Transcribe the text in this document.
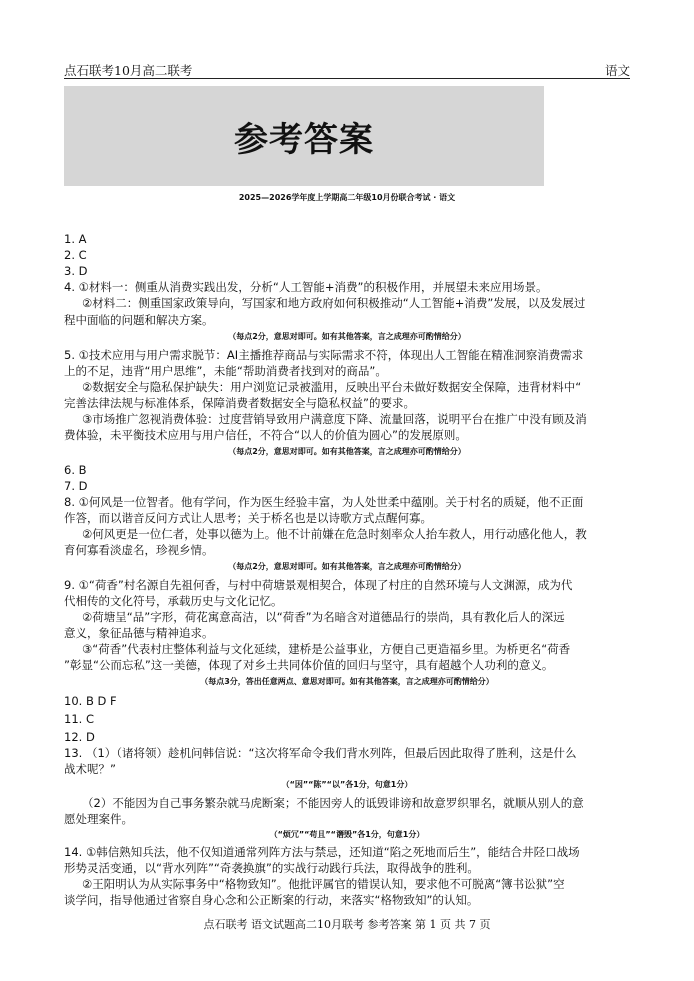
点石联考10月高二联考	语文
参考答案
2025—2026学年度上学期高二年级10月份联合考试 · 语文
1. A
2. C
3. D
4. ①材料一：侧重从消费实践出发，分析“人工智能+消费”的积极作用，并展望未来应用场景。
②材料二：侧重国家政策导向，写国家和地方政府如何积极推动“人工智能+消费”发展，以及发展过
程中面临的问题和解决方案。
（每点2分，意思对即可。如有其他答案，言之成理亦可酌情给分）
5. ①技术应用与用户需求脱节：AI主播推荐商品与实际需求不符，体现出人工智能在精准洞察消费需求
上的不足，违背“用户思维”，未能“帮助消费者找到对的商品”。
②数据安全与隐私保护缺失：用户浏览记录被滥用，反映出平台未做好数据安全保障，违背材料中“
完善法律法规与标准体系，保障消费者数据安全与隐私权益”的要求。
③市场推广忽视消费体验：过度营销导致用户满意度下降、流量回落，说明平台在推广中没有顾及消
费体验，未平衡技术应用与用户信任，不符合“以人的价值为圆心”的发展原则。
（每点2分，意思对即可。如有其他答案，言之成理亦可酌情给分）
6. B
7. D
8. ①何风是一位智者。他有学问，作为医生经验丰富，为人处世柔中蕴刚。关于村名的质疑，他不正面
作答，而以谐音反问方式让人思考；关于桥名也是以诗歌方式点醒何寡。
②何风更是一位仁者，处事以德为上。他不计前嫌在危急时刻率众人抬车救人，用行动感化他人，教
育何寡看淡虚名，珍视乡情。
（每点2分，意思对即可。如有其他答案，言之成理亦可酌情给分）
9. ①“荷香”村名源自先祖何香，与村中荷塘景观相契合，体现了村庄的自然环境与人文渊源，成为代
代相传的文化符号，承载历史与文化记忆。
②荷塘呈“品”字形，荷花寓意高洁，以“荷香”为名暗含对道德品行的崇尚，具有教化后人的深远
意义，象征品德与精神追求。
③“荷香”代表村庄整体利益与文化延续，建桥是公益事业，方便自己更造福乡里。为桥更名“荷香
”彰显“公而忘私”这一美德，体现了对乡土共同体价值的回归与坚守，具有超越个人功利的意义。
（每点3分，答出任意两点、意思对即可。如有其他答案，言之成理亦可酌情给分）
10. B D F
11. C
12. D
13. （1）（诸将领）趁机问韩信说：“这次将军命令我们背水列阵，但最后因此取得了胜利，这是什么
战术呢？”
（“因”“陈”“以”各1分，句意1分）
（2）不能因为自己事务繁杂就马虎断案；不能因旁人的诋毁诽谤和故意罗织罪名，就顺从别人的意
愿处理案件。
（“烦冗”“苟且”“谮毁”各1分，句意1分）
14. ①韩信熟知兵法，他不仅知道通常列阵方法与禁忌，还知道“陷之死地而后生”，能结合井陉口战场
形势灵活变通，以“背水列阵”“奇袭换旗”的实战行动践行兵法，取得战争的胜利。
②王阳明认为从实际事务中“格物致知”。他批评属官的错误认知，要求他不可脱离“簿书讼狱”空
谈学问，指导他通过省察自身心念和公正断案的行动，来落实“格物致知”的认知。
点石联考 语文试题高二10月联考 参考答案 第 1 页 共 7 页
